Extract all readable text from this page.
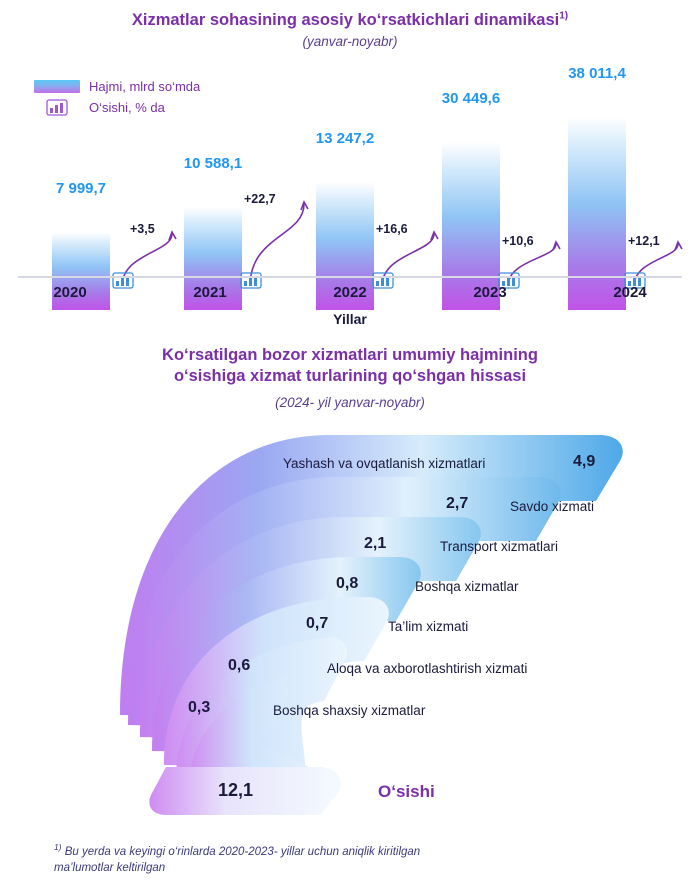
Xizmatlar sohasining asosiy ko‘rsatkichlari dinamikasi$^{1)}$
(yanvar-noyabr)
Hajmi, mlrd so‘mda
O‘sishi, % da
7 999,7
10 588,1
13 247,2
30 449,6
38 011,4
+3,5
+22,7
+16,6
+10,6	+12,1
2020	2021	2022	2023	2024
Yillar
Ko‘rsatilgan bozor xizmatlari umumiy hajmining
o‘sishiga xizmat turlarining qo‘shgan hissasi
(2024- yil yanvar-noyabr)
4,9
2,7
2,1
0,8
0,7
0,6
0,3
Yashash va ovqatlanish xizmatlari
Savdo xizmati
Transport xizmatlari
Boshqa xizmatlar
Ta’lim xizmati
Aloqa va axborotlashtirish xizmati
Boshqa shaxsiy xizmatlar
12,1	O‘sishi
$^{1)}$ Bu yerda va keyingi o‘rinlarda 2020-2023- yillar uchun aniqlik kiritilgan
ma’lumotlar keltirilgan
